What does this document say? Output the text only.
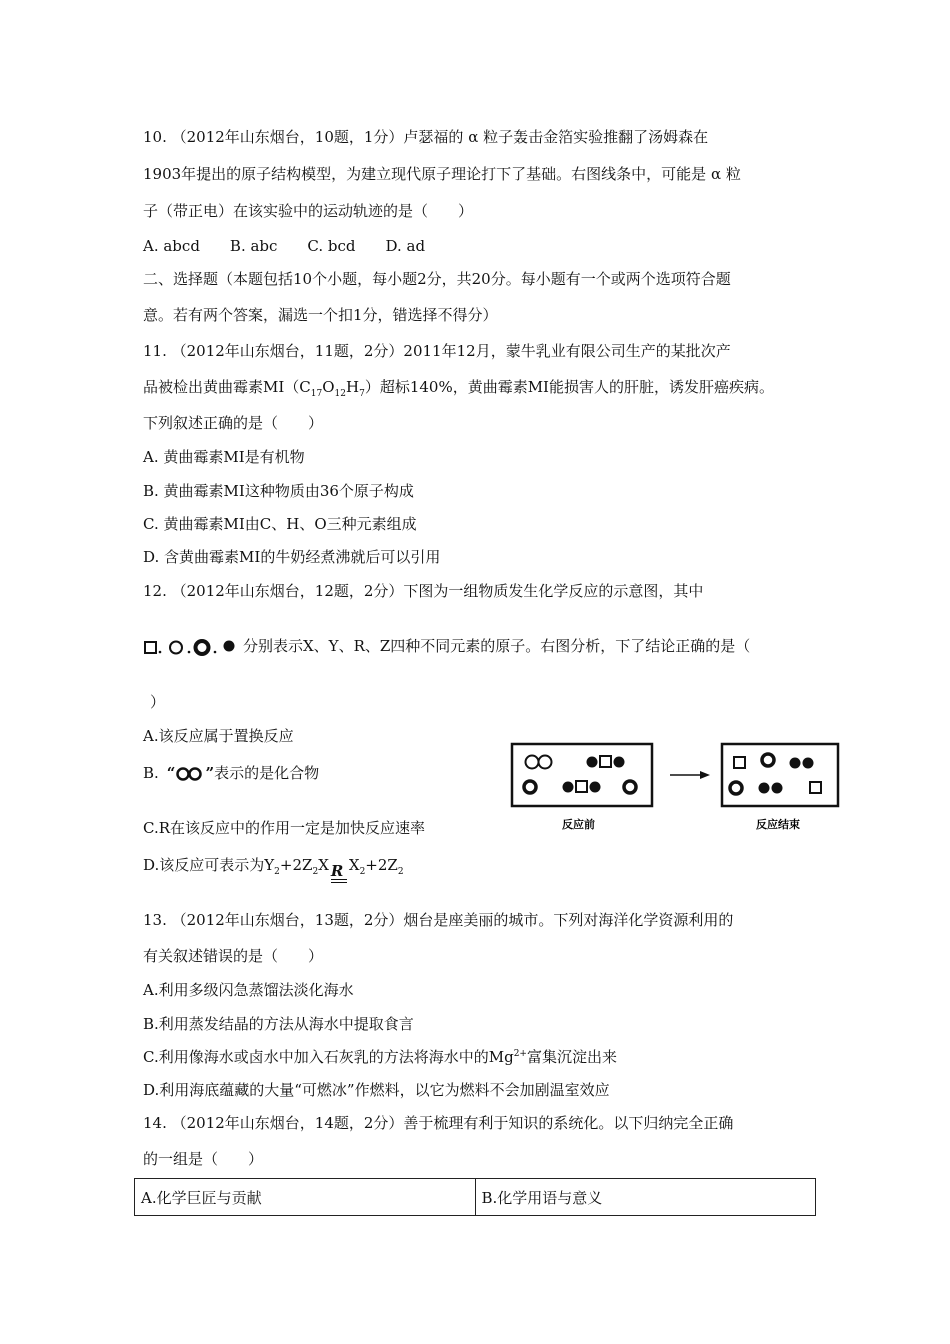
10. （2012年山东烟台，10题，1分）卢瑟福的 α 粒子轰击金箔实验推翻了汤姆森在
1903年提出的原子结构模型，为建立现代原子理论打下了基础。右图线条中，可能是 α 粒
子（带正电）在该实验中的运动轨迹的是（　　）
A. abcd　　B. abc　　C. bcd　　D. ad
二、选择题（本题包括10个小题，每小题2分，共20分。每小题有一个或两个选项符合题
意。若有两个答案，漏选一个扣1分，错选择不得分）
11. （2012年山东烟台，11题，2分）2011年12月，蒙牛乳业有限公司生产的某批次产
品被检出黄曲霉素$MI(C_{17}O_{12}H_7)$超标140%，黄曲霉素MI能损害人的肝脏，诱发肝癌疾病。
下列叙述正确的是（　　）
A. 黄曲霉素MI是有机物
B. 黄曲霉素MI这种物质由36个原子构成
C. 黄曲霉素MI由C、H、O三种元素组成
D. 含黄曲霉素MI的牛奶经煮沸就后可以引用
12. （2012年山东烟台，12题，2分）下图为一组物质发生化学反应的示意图，其中
分别表示X、Y、R、Z四种不同元素的原子。右图分析，下了结论正确的是（
）
A.该反应属于置换反应
B. “ ”表示的是化合物
C.R在该反应中的作用一定是加快反应速率
D.该反应可表示为$Y_2+2Z_2X$ R $X_2+2Z_2$
反应前	反应结束
13. （2012年山东烟台，13题，2分）烟台是座美丽的城市。下列对海洋化学资源利用的
有关叙述错误的是（　　）
A.利用多级闪急蒸馏法淡化海水
B.利用蒸发结晶的方法从海水中提取食言
C.利用像海水或卤水中加入石灰乳的方法将海水中的$Mg^{2+}$富集沉淀出来
D.利用海底蕴藏的大量“可燃冰”作燃料，以它为燃料不会加剧温室效应
14. （2012年山东烟台，14题，2分）善于梳理有利于知识的系统化。以下归纳完全正确
的一组是（　　）
A.化学巨匠与贡献	B.化学用语与意义
